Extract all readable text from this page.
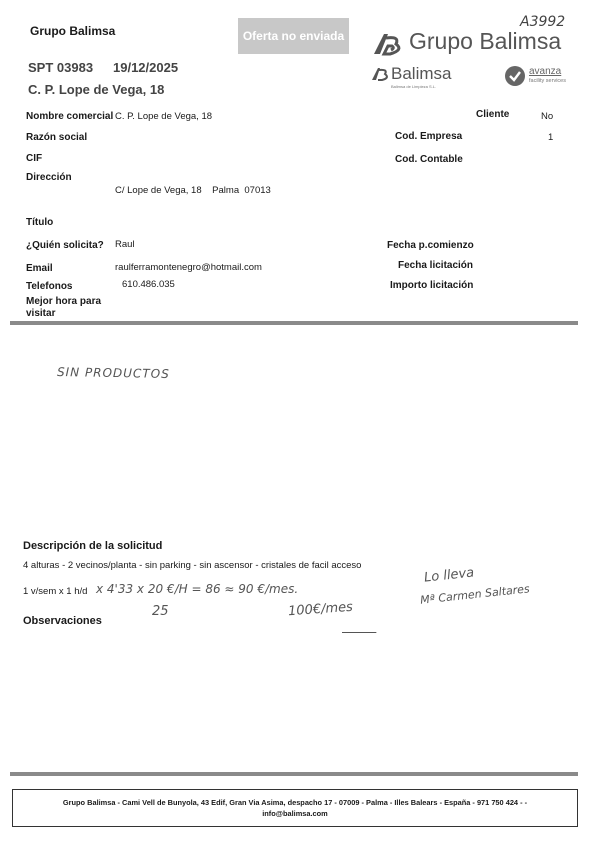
Grupo Balimsa	Oferta no enviada
SPT 03983 19/12/2025
C. P. Lope de Vega, 18
Grupo Balimsa
A3992
Balimsa
Balimsa de Limpieza S.L.
avanza
facility services
Nombre comercial C. P. Lope de Vega, 18	Cliente	No
Razón social	Cod. Empresa	1
CIF	Cod. Contable
Dirección
C/ Lope de Vega, 18    Palma  07013
Título
¿Quién solicita? Raul	Fecha p.comienzo
Email	raulferramontenegro@hotmail.com	Fecha licitación
Telefonos	610.486.035	Importo licitación
Mejor hora para
visitar
SIN PRODUCTOS
Descripción de la solicitud
4 alturas - 2 vecinos/planta - sin parking - sin ascensor - cristales de facil acceso
1 v/sem x 1 h/d x 4'33 x 20 €/H = 86 ≈ 90 €/mes.
25	100€/mes

Lo lleva
Mª Carmen Saltares
Observaciones
Grupo Balimsa - Cami Vell de Bunyola, 43 Edif, Gran Via Asima, despacho 17 - 07009 - Palma - Illes Balears - España - 971 750 424 - -
info@balimsa.com
